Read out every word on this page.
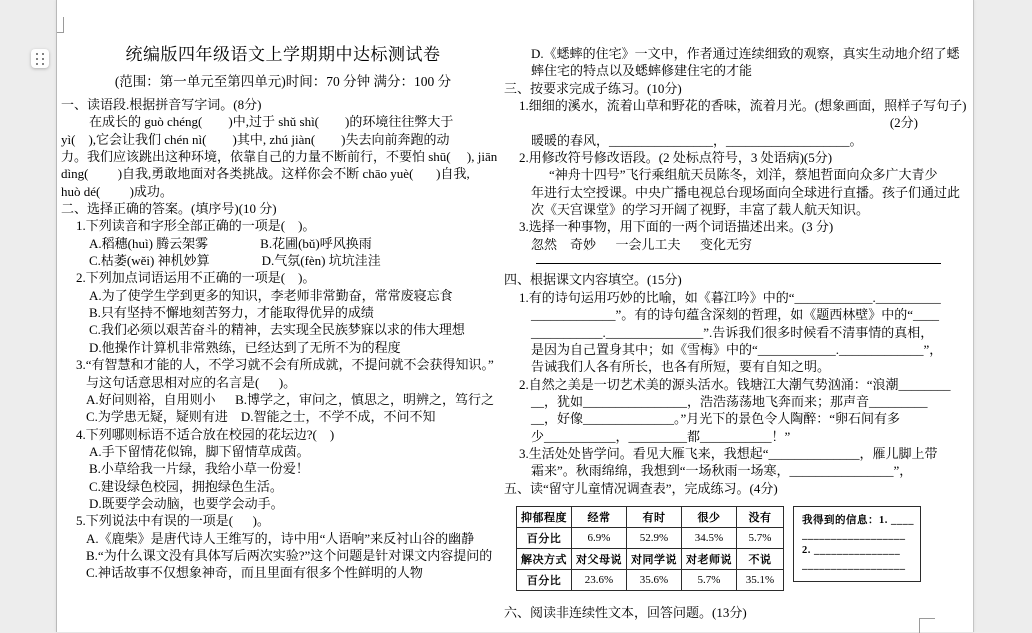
统编版四年级语文上学期期中达标测试卷
(范围：第一单元至第四单元)时间：70 分钟 满分：100 分
一、读语段.根据拼音写字词。(8分)
在成长的 guò chéng(        )中,过于 shǔ shì(        )的环境往往弊大于
yì(    ),它会让我们 chén nì(        )其中, zhú jiàn(        )失去向前奔跑的动
力。我们应该跳出这种环境，依靠自己的力量不断前行，不要怕 shū(     ), jiān
dìng(         )自我,勇敢地面对各类挑战。这样你会不断 chāo yuè(       )自我,
huò dé(         )成功。
二、选择正确的答案。(填序号)(10 分)
1.下列读音和字形全部正确的一项是(    )。
A.稻穗(huì) 腾云架雾                B.花圃(bǔ)呼风换雨
C.枯萎(wěi) 神机妙算                D.气氛(fèn) 坑坑洼洼
2.下列加点词语运用不正确的一项是(    )。
A.为了使学生学到更多的知识，李老师非常勤奋，常常废寝忘食
B.只有坚持不懈地刻苦努力，才能取得优异的成绩
C.我们必须以艰苦奋斗的精神，去实现全民族梦寐以求的伟大理想
D.他操作计算机非常熟练，已经达到了无所不为的程度
3.“有智慧和才能的人，不学习就不会有所成就，不提问就不会获得知识。”
与这句话意思相对应的名言是(      )。
A.好问则裕，自用则小      B.博学之，审问之，慎思之，明辨之，笃行之
C.为学患无疑，疑则有进    D.智能之士，不学不成，不问不知
4.下列哪则标语不适合放在校园的花坛边?(    )
A.手下留情花似锦，脚下留情草成茵。
B.小草给我一片绿，我给小草一份爱！
C.建设绿色校园，拥抱绿色生活。
D.既要学会动脑，也要学会动手。
5.下列说法中有误的一项是(      )。
A.《鹿柴》是唐代诗人王维写的，诗中用“人语响”来反衬山谷的幽静
B.“为什么课文没有具体写后两次实验?”这个问题是针对课文内容提问的
C.神话故事不仅想象神奇，而且里面有很多个性鲜明的人物
D.《蟋蟀的住宅》一文中，作者通过连续细致的观察，真实生动地介绍了蟋
蟀住宅的特点以及蟋蟀修建住宅的才能
三、按要求完成子练习。(10分)
1.细细的溪水，流着山草和野花的香味，流着月光。(想象画面，照样子写句子)
(2分)
暖暖的春风，________________，___________________。
2.用修改符号修改语段。(2 处标点符号，3 处语病)(5分)
“神舟十四号”飞行乘组航天员陈冬，刘洋，蔡旭哲面向众多广大青少
年进行太空授课。中央广播电视总台现场面向全球进行直播。孩子们通过此
次《天宫课堂》的学习开阔了视野，丰富了载人航天知识。
3.选择一种事物，用下面的一两个词语描述出来。(3 分)
忽然    奇妙      一会儿工夫      变化无穷
四、根据课文内容填空。(15分)
1.有的诗句运用巧妙的比喻，如《暮江吟》中的“____________.__________
_____________”。有的诗句蕴含深刻的哲理，如《题西林壁》中的“____
___________._______________”.告诉我们很多时候看不清事情的真相，
是因为自己置身其中；如《雪梅》中的“____________._____________”，
告诫我们人各有所长，也各有所短，要有自知之明。
2.自然之美是一切艺术美的源头活水。钱塘江大潮气势汹涌：“浪潮________
__，犹如________________，浩浩荡荡地飞奔而来；那声音_________
__，好像______________。”月光下的景色令人陶醉：“卵石间有多
少___________，_________都___________！”
3.生活处处皆学问。看见大雁飞来，我想起“______________，雁儿脚上带
霜来”。秋雨绵绵，我想到“一场秋雨一场寒，________________”，
五、读“留守儿童情况调查表”，完成练习。(4分)
抑郁程度	经常	有时	很少	没有
百分比	6.9%	52.9%	34.5%	5.7%
解决方式	对父母说	对同学说	对老师说	不说
百分比	23.6%	35.6%	5.7%	35.1%
我得到的信息：1. ____
__________________
2. _______________
__________________
六、阅读非连续性文本，回答问题。(13分)
